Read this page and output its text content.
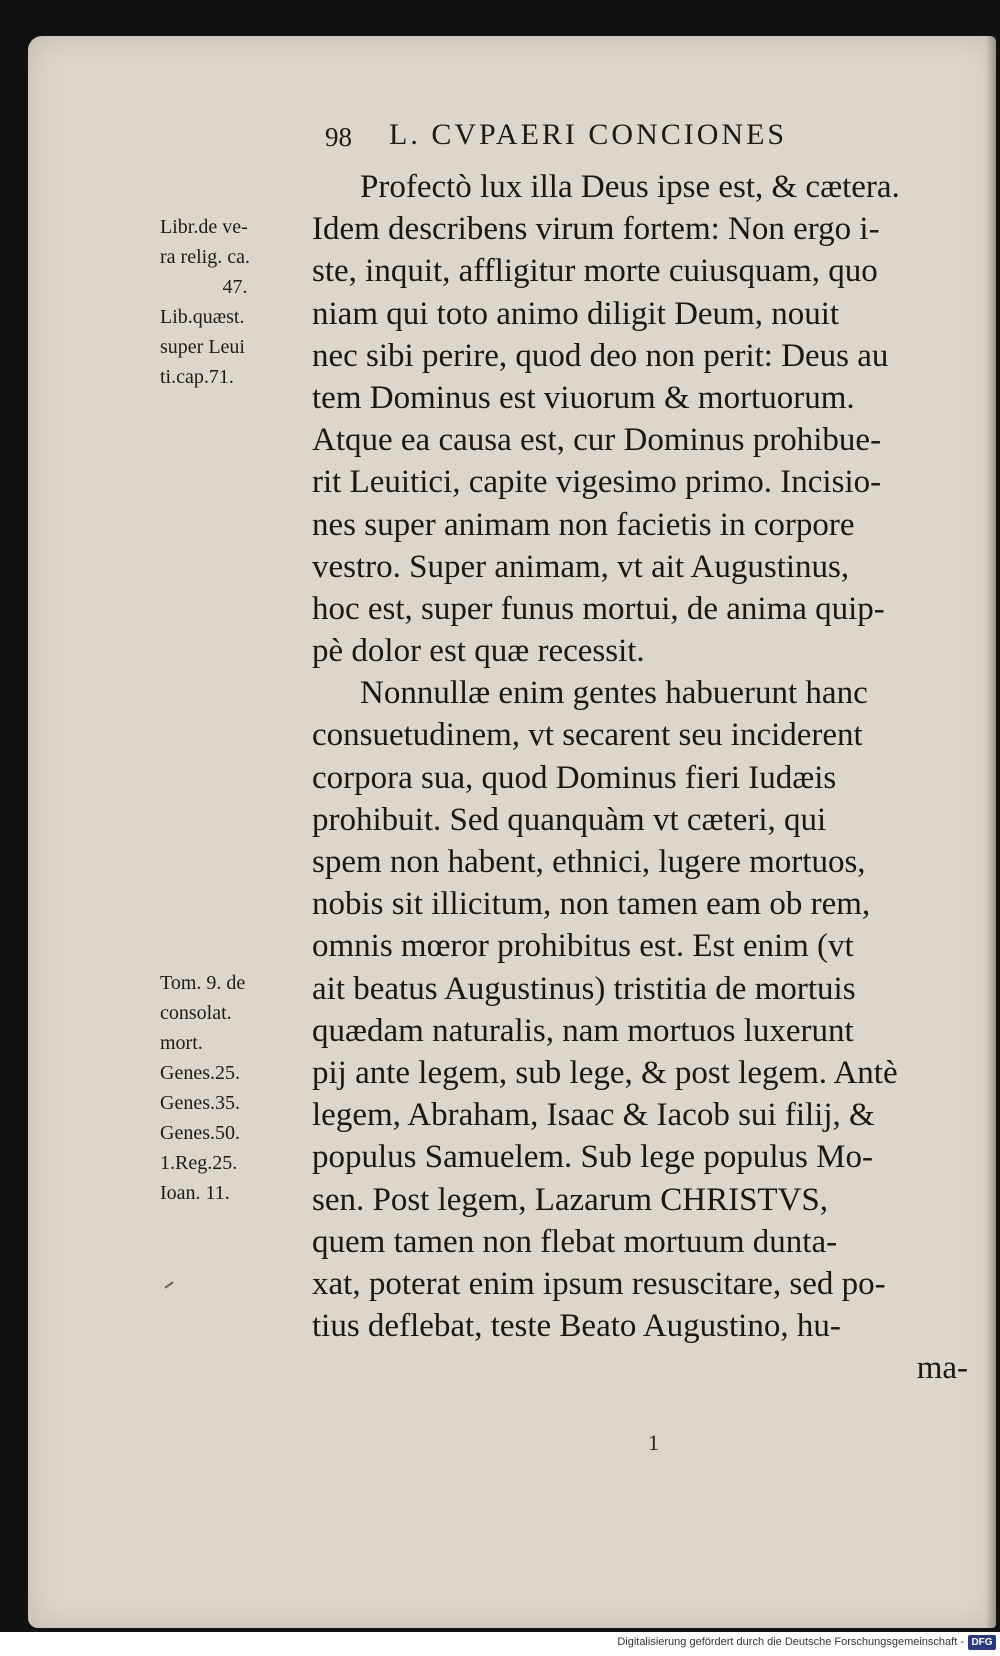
98 L. CVPAERI CONCIONES
Profectò lux illa Deus ipse est, & cætera.
Idem describens virum fortem: Non ergo i-
ste, inquit, affligitur morte cuiusquam, quo
niam qui toto animo diligit Deum, nouit
nec sibi perire, quod deo non perit: Deus au
tem Dominus est viuorum & mortuorum.
Atque ea causa est, cur Dominus prohibue-
rit Leuitici, capite vigesimo primo. Incisio-
nes super animam non facietis in corpore
vestro. Super animam, vt ait Augustinus,
hoc est, super funus mortui, de anima quip-
pè dolor est quæ recessit.
Nonnullæ enim gentes habuerunt hanc
consuetudinem, vt secarent seu inciderent
corpora sua, quod Dominus fieri Iudæis
prohibuit. Sed quanquàm vt cæteri, qui
spem non habent, ethnici, lugere mortuos,
nobis sit illicitum, non tamen eam ob rem,
omnis mœror prohibitus est. Est enim (vt
ait beatus Augustinus) tristitia de mortuis
quædam naturalis, nam mortuos luxerunt
pij ante legem, sub lege, & post legem. Antè
legem, Abraham, Isaac & Iacob sui filij, &
populus Samuelem. Sub lege populus Mo-
sen. Post legem, Lazarum CHRISTVS,
quem tamen non flebat mortuum dunta-
xat, poterat enim ipsum resuscitare, sed po-
tius deflebat, teste Beato Augustino, hu-
ma-
Libr.de ve-
ra relig. ca.
47.
Lib.quæst.
super Leui
ti.cap.71.
Tom. 9. de
consolat.
mort.
Genes.25.
Genes.35.
Genes.50.
1.Reg.25.
Ioan. 11.
1
Digitalisierung gefördert durch die Deutsche Forschungsgemeinschaft - DFG
